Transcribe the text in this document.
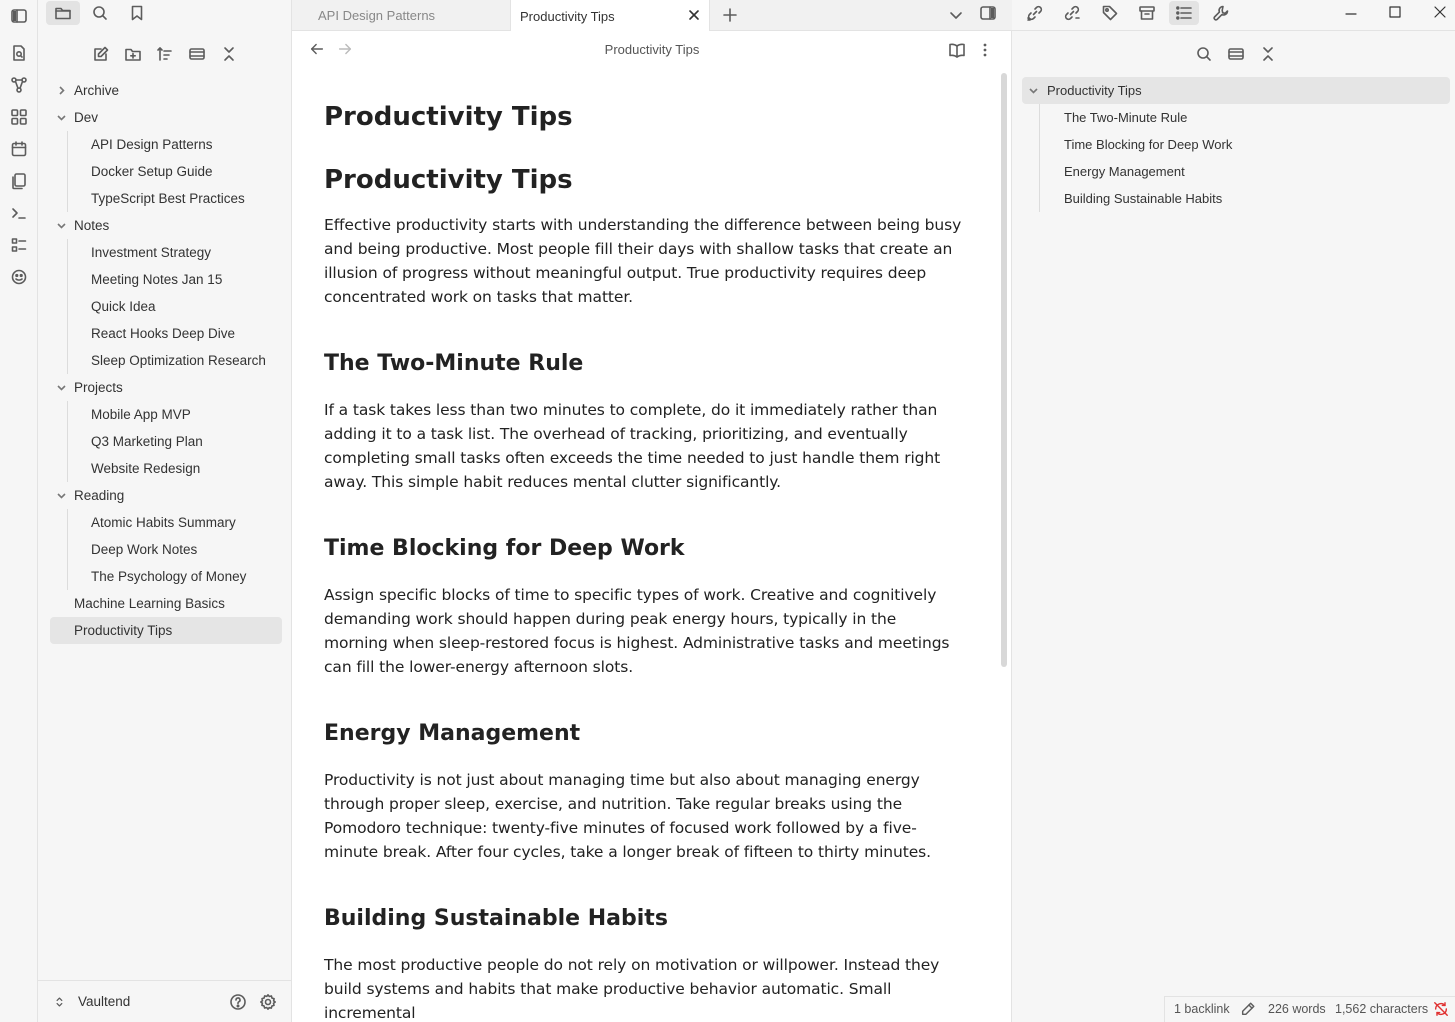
Archive
Dev
API Design Patterns
Docker Setup Guide
TypeScript Best Practices
Notes
Investment Strategy
Meeting Notes Jan 15
Quick Idea
React Hooks Deep Dive
Sleep Optimization Research
Projects
Mobile App MVP
Q3 Marketing Plan
Website Redesign
Reading
Atomic Habits Summary
Deep Work Notes
The Psychology of Money
Machine Learning Basics
Productivity Tips
Vaultend
API Design Patterns	Productivity Tips
Productivity Tips
Productivity Tips
Productivity Tips

Effective productivity starts with understanding the difference between being busy and being productive. Most people fill their days with shallow tasks that create an illusion of progress without meaningful output. True productivity requires deep concentrated work on tasks that matter.

The Two-Minute Rule

If a task takes less than two minutes to complete, do it immediately rather than adding it to a task list. The overhead of tracking, prioritizing, and eventually completing small tasks often exceeds the time needed to just handle them right away. This simple habit reduces mental clutter significantly.

Time Blocking for Deep Work

Assign specific blocks of time to specific types of work. Creative and cognitively demanding work should happen during peak energy hours, typically in the morning when sleep-restored focus is highest. Administrative tasks and meetings can fill the lower-energy afternoon slots.

Energy Management

Productivity is not just about managing time but also about managing energy through proper sleep, exercise, and nutrition. Take regular breaks using the Pomodoro technique: twenty-five minutes of focused work followed by a five-minute break. After four cycles, take a longer break of fifteen to thirty minutes.

Building Sustainable Habits

The most productive people do not rely on motivation or willpower. Instead they build systems and habits that make productive behavior automatic. Small incremental

Productivity Tips
The Two-Minute Rule
Time Blocking for Deep Work
Energy Management
Building Sustainable Habits
1 backlink	226 words 1,562 characters
